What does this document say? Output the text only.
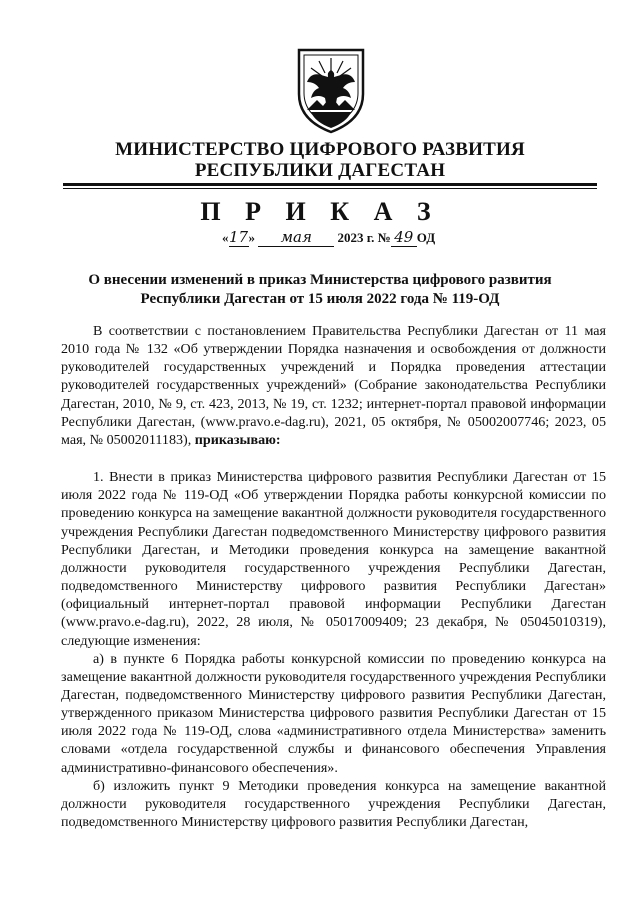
МИНИСТЕРСТВО ЦИФРОВОГО РАЗВИТИЯ
РЕСПУБЛИКИ ДАГЕСТАН
П Р И К А З
«17» мая 2023 г. № 49 ОД
О внесении изменений в приказ Министерства цифрового развития
Республики Дагестан от 15 июля 2022 года № 119-ОД

В соответствии с постановлением Правительства Республики Дагестан от 11 мая 2010 года № 132 «Об утверждении Порядка назначения и освобождения от должности руководителей государственных учреждений и Порядка проведения аттестации руководителей государственных учреждений» (Собрание законодательства Республики Дагестан, 2010, № 9, ст. 423, 2013, № 19, ст. 1232; интернет-портал правовой информации Республики Дагестан, (www.pravo.e-dag.ru), 2021, 05 октября, № 05002007746; 2023, 05 мая, № 05002011183), приказываю:

1. Внести в приказ Министерства цифрового развития Республики Дагестан от 15 июля 2022 года № 119-ОД «Об утверждении Порядка работы конкурсной комиссии по проведению конкурса на замещение вакантной должности руководителя государственного учреждения Республики Дагестан подведомственного Министерству цифрового развития Республики Дагестан, и Методики проведения конкурса на замещение вакантной должности руководителя государственного учреждения Республики Дагестан, подведомственного Министерству цифрового развития Республики Дагестан» (официальный интернет-портал правовой информации Республики Дагестан (www.pravo.e-dag.ru), 2022, 28 июля, № 05017009409; 23 декабря, № 05045010319), следующие изменения:

а) в пункте 6 Порядка работы конкурсной комиссии по проведению конкурса на замещение вакантной должности руководителя государственного учреждения Республики Дагестан, подведомственного Министерству цифрового развития Республики Дагестан, утвержденного приказом Министерства цифрового развития Республики Дагестан от 15 июля 2022 года № 119-ОД, слова «административного отдела Министерства» заменить словами «отдела государственной службы и финансового обеспечения Управления административно-финансового обеспечения».

б) изложить пункт 9 Методики проведения конкурса на замещение вакантной должности руководителя государственного учреждения Республики Дагестан, подведомственного Министерству цифрового развития Республики Дагестан,
